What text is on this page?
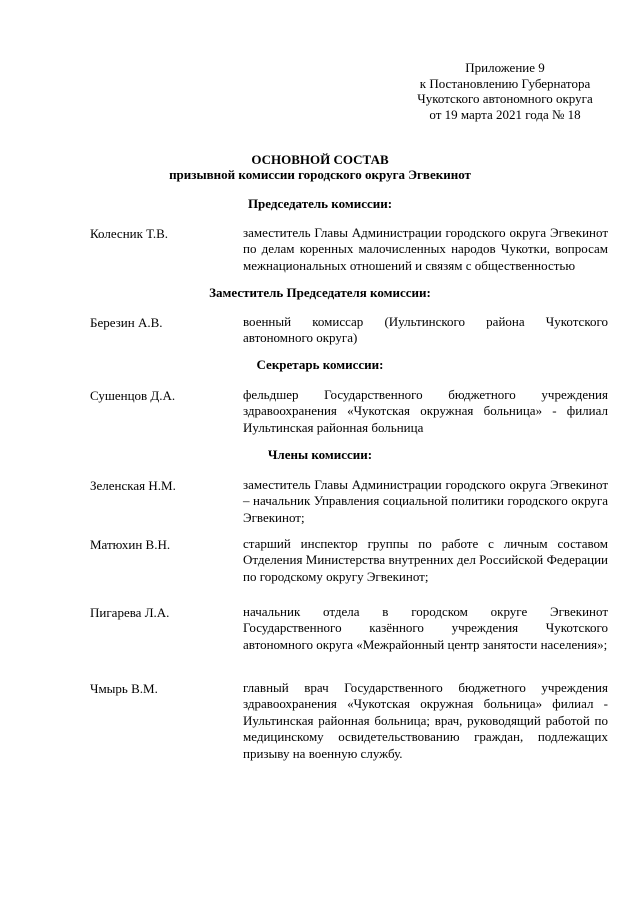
Приложение 9
к Постановлению Губернатора
Чукотского автономного округа
от 19 марта 2021 года № 18
ОСНОВНОЙ СОСТАВ
призывной комиссии городского округа Эгвекинот
Председатель комиссии:
Колесник Т.В.	заместитель Главы Администрации городского округа Эгвекинот по делам коренных малочисленных народов Чукотки, вопросам межнациональных отношений и связям с общественностью
Заместитель Председателя комиссии:
Березин А.В.	военный комиссар (Иультинского района Чукотского автономного округа)
Секретарь комиссии:
Сушенцов Д.А.	фельдшер Государственного бюджетного учреждения здравоохранения «Чукотская окружная больница» - филиал Иультинская районная больница
Члены комиссии:
Зеленская Н.М.	заместитель Главы Администрации городского округа Эгвекинот – начальник Управления социальной политики городского округа Эгвекинот;
Матюхин В.Н.	старший инспектор группы по работе с личным составом Отделения Министерства внутренних дел Российской Федерации по городскому округу Эгвекинот;
Пигарева Л.А.	начальник отдела в городском округе Эгвекинот Государственного казённого учреждения Чукотского автономного округа «Межрайонный центр занятости населения»;
Чмырь В.М.	главный врач Государственного бюджетного учреждения здравоохранения «Чукотская окружная больница» филиал - Иультинская районная больница; врач, руководящий работой по медицинскому освидетельствованию граждан, подлежащих призыву на военную службу.
